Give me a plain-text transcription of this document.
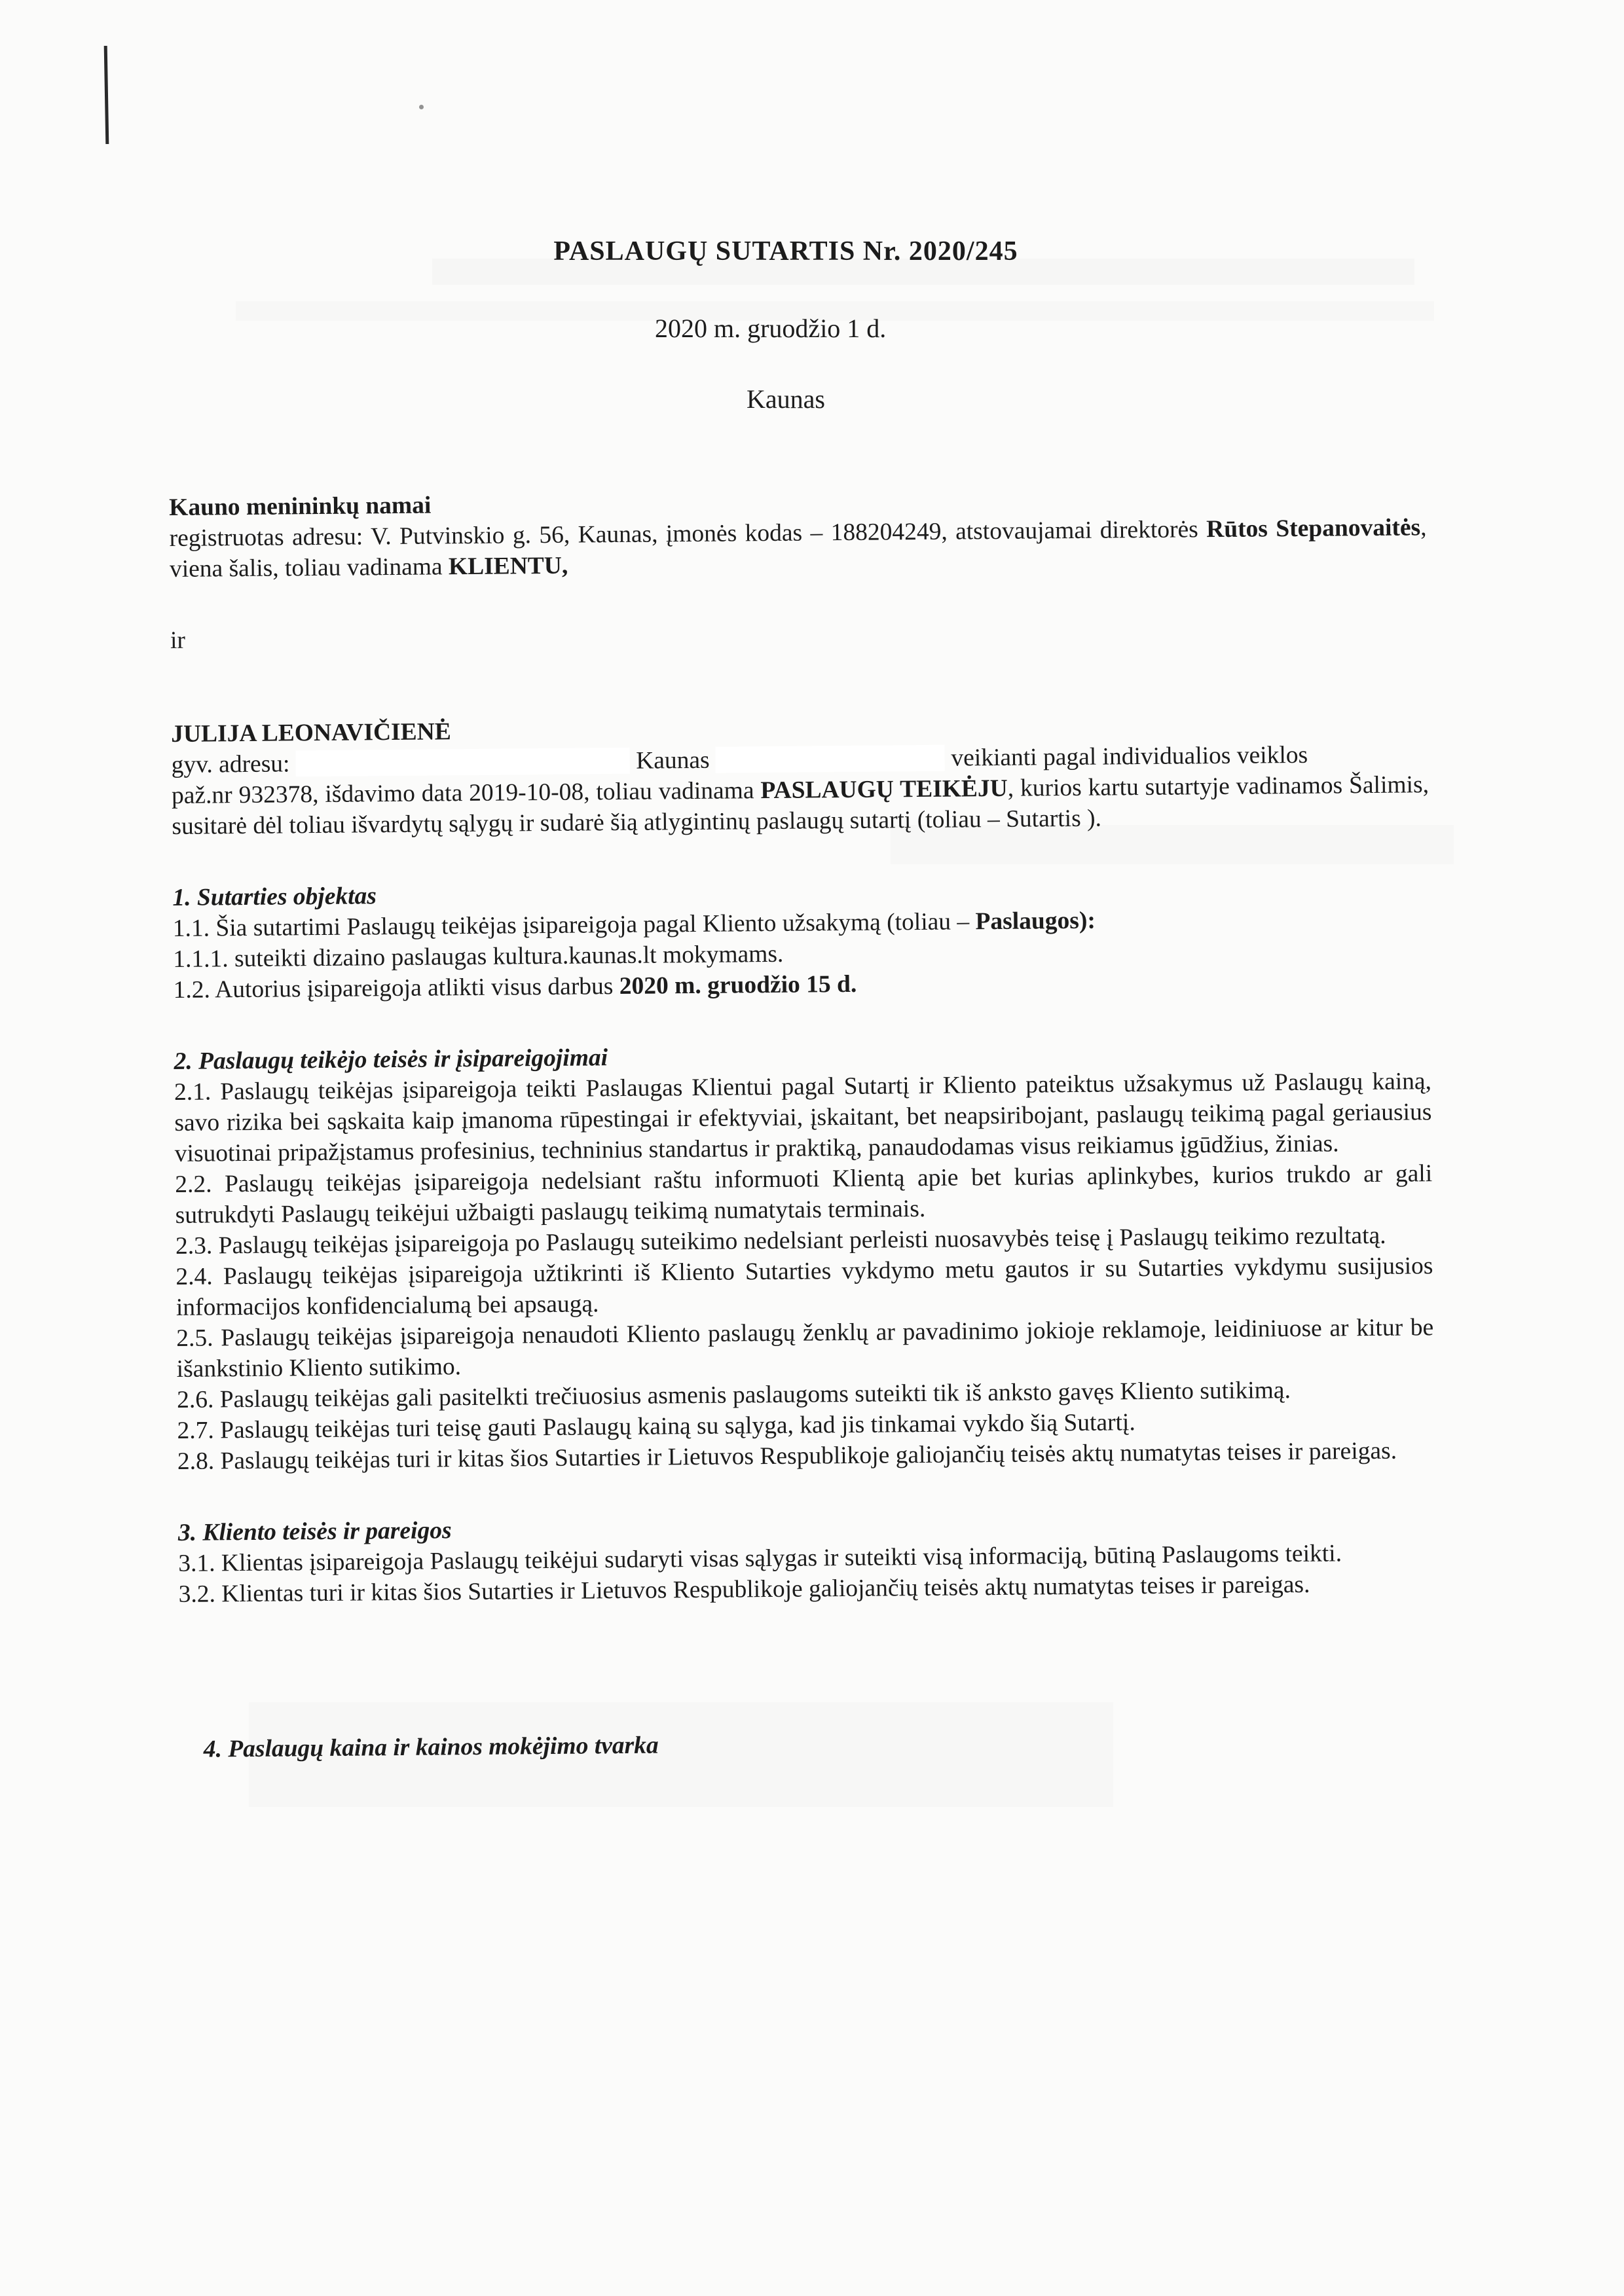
PASLAUGŲ SUTARTIS Nr. 2020/245
2020 m. gruodžio 1 d.
Kaunas

Kauno menininkų namai

registruotas adresu: V. Putvinskio g. 56, Kaunas, įmonės kodas – 188204249, atstovaujamai direktorės Rūtos Stepanovaitės, viena šalis, toliau vadinama KLIENTU,

ir

JULIJA LEONAVIČIENĖ

gyv. adresu:	Kaunas	veikianti pagal individualios veiklos

paž.nr 932378, išdavimo data 2019-10-08, toliau vadinama PASLAUGŲ TEIKĖJU, kurios kartu sutartyje vadinamos Šalimis, susitarė dėl toliau išvardytų sąlygų ir sudarė šią atlygintinų paslaugų sutartį (toliau – Sutartis ).

1. Sutarties objektas

1.1. Šia sutartimi Paslaugų teikėjas įsipareigoja pagal Kliento užsakymą (toliau – Paslaugos):

1.1.1. suteikti dizaino paslaugas kultura.kaunas.lt mokymams.

1.2. Autorius įsipareigoja atlikti visus darbus 2020 m. gruodžio 15 d.

2. Paslaugų teikėjo teisės ir įsipareigojimai

2.1. Paslaugų teikėjas įsipareigoja teikti Paslaugas Klientui pagal Sutartį ir Kliento pateiktus užsakymus už Paslaugų kainą, savo rizika bei sąskaita kaip įmanoma rūpestingai ir efektyviai, įskaitant, bet neapsiribojant, paslaugų teikimą pagal geriausius visuotinai pripažįstamus profesinius, techninius standartus ir praktiką, panaudodamas visus reikiamus įgūdžius, žinias.

2.2. Paslaugų teikėjas įsipareigoja nedelsiant raštu informuoti Klientą apie bet kurias aplinkybes, kurios trukdo ar gali sutrukdyti Paslaugų teikėjui užbaigti paslaugų teikimą numatytais terminais.

2.3. Paslaugų teikėjas įsipareigoja po Paslaugų suteikimo nedelsiant perleisti nuosavybės teisę į Paslaugų teikimo rezultatą.

2.4. Paslaugų teikėjas įsipareigoja užtikrinti iš Kliento Sutarties vykdymo metu gautos ir su Sutarties vykdymu susijusios informacijos konfidencialumą bei apsaugą.

2.5. Paslaugų teikėjas įsipareigoja nenaudoti Kliento paslaugų ženklų ar pavadinimo jokioje reklamoje, leidiniuose ar kitur be išankstinio Kliento sutikimo.

2.6. Paslaugų teikėjas gali pasitelkti trečiuosius asmenis paslaugoms suteikti tik iš anksto gavęs Kliento sutikimą.

2.7. Paslaugų teikėjas turi teisę gauti Paslaugų kainą su sąlyga, kad jis tinkamai vykdo šią Sutartį.

2.8. Paslaugų teikėjas turi ir kitas šios Sutarties ir Lietuvos Respublikoje galiojančių teisės aktų numatytas teises ir pareigas.

3. Kliento teisės ir pareigos

3.1. Klientas įsipareigoja Paslaugų teikėjui sudaryti visas sąlygas ir suteikti visą informaciją, būtiną Paslaugoms teikti.

3.2. Klientas turi ir kitas šios Sutarties ir Lietuvos Respublikoje galiojančių teisės aktų numatytas teises ir pareigas.

4. Paslaugų kaina ir kainos mokėjimo tvarka
